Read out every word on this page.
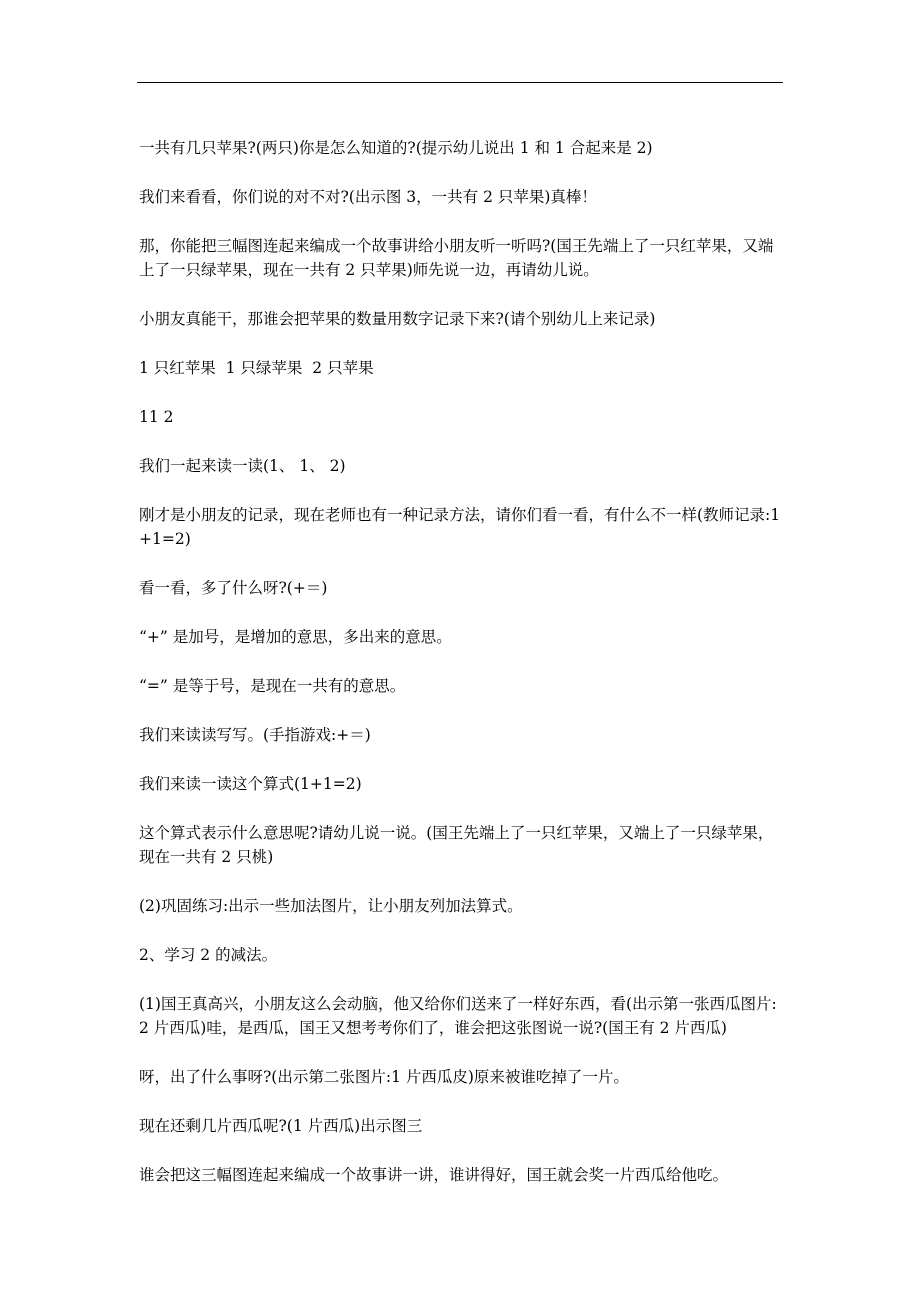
一共有几只苹果?(两只)你是怎么知道的?(提示幼儿说出 1 和 1 合起来是 2)

我们来看看，你们说的对不对?(出示图 3，一共有 2 只苹果)真棒！

那，你能把三幅图连起来编成一个故事讲给小朋友听一听吗?(国王先端上了一只红苹果，又端上了一只绿苹果，现在一共有 2 只苹果)师先说一边，再请幼儿说。

小朋友真能干，那谁会把苹果的数量用数字记录下来?(请个别幼儿上来记录)

1 只红苹果  1 只绿苹果  2 只苹果

11 2

我们一起来读一读(1、 1、 2)

刚才是小朋友的记录，现在老师也有一种记录方法，请你们看一看，有什么不一样(教师记录:1+1=2)

看一看，多了什么呀?(+＝)

“+” 是加号，是增加的意思，多出来的意思。

“=” 是等于号，是现在一共有的意思。

我们来读读写写。(手指游戏:+＝)

我们来读一读这个算式(1+1=2)

这个算式表示什么意思呢?请幼儿说一说。(国王先端上了一只红苹果，又端上了一只绿苹果，现在一共有 2 只桃)

(2)巩固练习:出示一些加法图片，让小朋友列加法算式。

2、学习 2 的减法。

(1)国王真高兴，小朋友这么会动脑，他又给你们送来了一样好东西，看(出示第一张西瓜图片:2 片西瓜)哇，是西瓜，国王又想考考你们了，谁会把这张图说一说?(国王有 2 片西瓜)

呀，出了什么事呀?(出示第二张图片:1 片西瓜皮)原来被谁吃掉了一片。

现在还剩几片西瓜呢?(1 片西瓜)出示图三

谁会把这三幅图连起来编成一个故事讲一讲，谁讲得好，国王就会奖一片西瓜给他吃。
